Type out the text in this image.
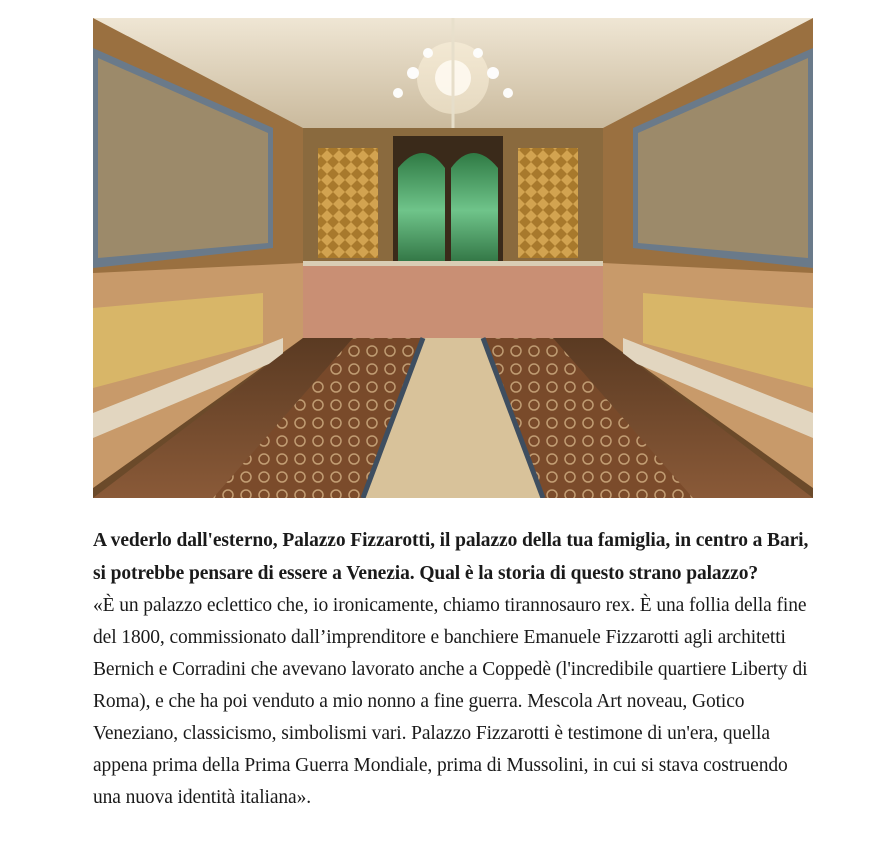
A vederlo dall'esterno, Palazzo Fizzarotti, il palazzo della tua famiglia, in centro a Bari, si potrebbe pensare di essere a Venezia. Qual è la storia di questo strano palazzo?

«È un palazzo eclettico che, io ironicamente, chiamo tirannosauro rex. È una follia della fine del 1800, commissionato dall’imprenditore e banchiere Emanuele Fizzarotti agli architetti Bernich e Corradini che avevano lavorato anche a Coppedè (l'incredibile quartiere Liberty di Roma), e che ha poi venduto a mio nonno a fine guerra. Mescola Art noveau, Gotico Veneziano, classicismo, simbolismi vari. Palazzo Fizzarotti è testimone di un'era, quella appena prima della Prima Guerra Mondiale, prima di Mussolini, in cui si stava costruendo una nuova identità italiana».
